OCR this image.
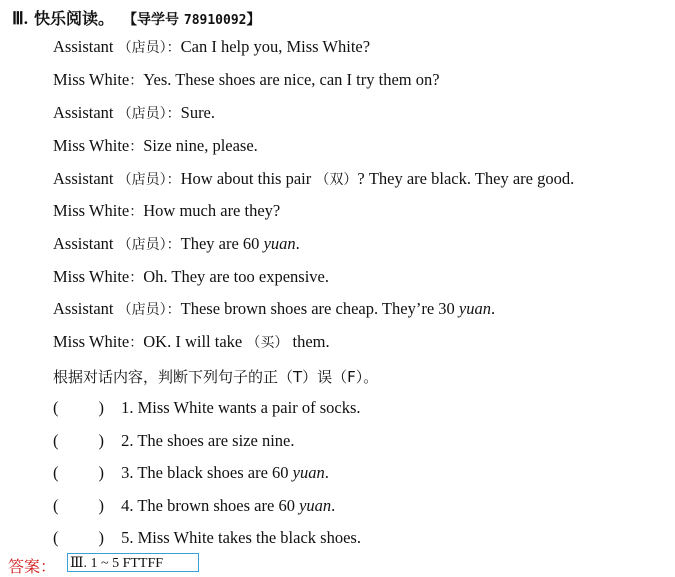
Ⅲ. 快乐阅读。 【导学号 78910092】
Assistant （店员）：Can I help you, Miss White?
Miss White：Yes. These shoes are nice, can I try them on?
Assistant （店员）：Sure.
Miss White：Size nine, please.
Assistant （店员）：How about this pair （双）? They are black. They are good.
Miss White：How much are they?
Assistant （店员）：They are 60 yuan.
Miss White：Oh. They are too expensive.
Assistant （店员）：These brown shoes are cheap. They’re 30 yuan.
Miss White：OK. I will take （买） them.
根据对话内容，判断下列句子的正（T）误（F）。
( ) 1. Miss White wants a pair of socks.
( ) 2. The shoes are size nine.
( ) 3. The black shoes are 60 yuan.
( ) 4. The brown shoes are 60 yuan.
( ) 5. Miss White takes the black shoes.
答案： Ⅲ. 1 ~ 5 FTTFF
